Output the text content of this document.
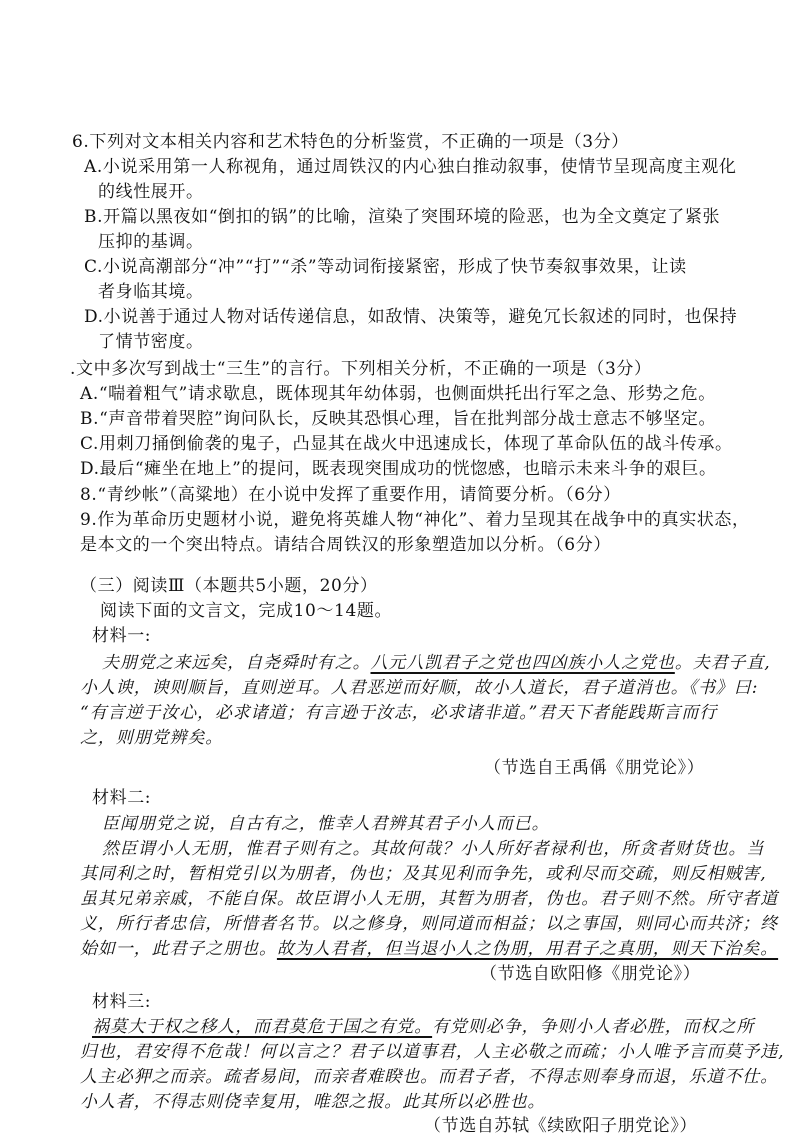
6.下列对文本相关内容和艺术特色的分析鉴赏，不正确的一项是（3分）
A.小说采用第一人称视角，通过周铁汉的内心独白推动叙事，使情节呈现高度主观化
的线性展开。
B.开篇以黑夜如“倒扣的锅”的比喻，渲染了突围环境的险恶，也为全文奠定了紧张
压抑的基调。
C.小说高潮部分“冲”“打”“杀”等动词衔接紧密，形成了快节奏叙事效果，让读
者身临其境。
D.小说善于通过人物对话传递信息，如敌情、决策等，避免冗长叙述的同时，也保持
了情节密度。
.文中多次写到战士“三生”的言行。下列相关分析，不正确的一项是（3分）
A.“喘着粗气”请求歇息，既体现其年幼体弱，也侧面烘托出行军之急、形势之危。
B.“声音带着哭腔”询问队长，反映其恐惧心理，旨在批判部分战士意志不够坚定。
C.用刺刀捅倒偷袭的鬼子，凸显其在战火中迅速成长，体现了革命队伍的战斗传承。
D.最后“瘫坐在地上”的提问，既表现突围成功的恍惚感，也暗示未来斗争的艰巨。
8.“青纱帐”（高粱地）在小说中发挥了重要作用，请简要分析。（6分）
9.作为革命历史题材小说，避免将英雄人物“神化”、着力呈现其在战争中的真实状态，
是本文的一个突出特点。请结合周铁汉的形象塑造加以分析。（6分）
（三）阅读Ⅲ（本题共5小题，20分）
阅读下面的文言文，完成10～14题。
材料一:
夫朋党之来远矣，自尧舜时有之。八元八凯君子之党也四凶族小人之党也。夫君子直,
小人谀，谀则顺旨，直则逆耳。人君恶逆而好顺，故小人道长，君子道消也。《书》曰:
“有言逆于汝心，必求诸道；有言逊于汝志，必求诸非道。”君天下者能践斯言而行
之，则朋党辨矣。
（节选自王禹偁《朋党论》）
材料二:
臣闻朋党之说，自古有之，惟幸人君辨其君子小人而已。
然臣谓小人无朋，惟君子则有之。其故何哉？小人所好者禄利也，所贪者财货也。当
其同利之时，暂相党引以为朋者，伪也；及其见利而争先，或利尽而交疏，则反相贼害,
虽其兄弟亲戚，不能自保。故臣谓小人无朋，其暂为朋者，伪也。君子则不然。所守者道
义，所行者忠信，所惜者名节。以之修身，则同道而相益；以之事国，则同心而共济；终
始如一，此君子之朋也。故为人君者，但当退小人之伪朋，用君子之真朋，则天下治矣。
（节选自欧阳修《朋党论》）
材料三:
祸莫大于权之移人，而君莫危于国之有党。有党则必争，争则小人者必胜，而权之所
归也，君安得不危哉！何以言之？君子以道事君，人主必敬之而疏；小人唯予言而莫予违,
人主必狎之而亲。疏者易间，而亲者难睽也。而君子者，不得志则奉身而退，乐道不仕。
小人者，不得志则侥幸复用，唯怨之报。此其所以必胜也。
（节选自苏轼《续欧阳子朋党论》）
